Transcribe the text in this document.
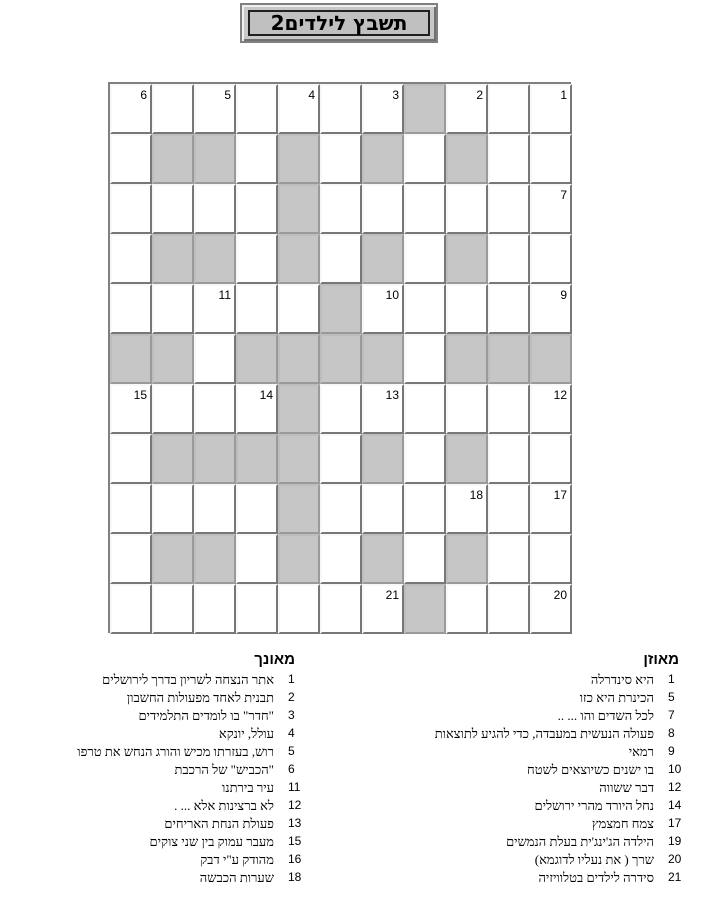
תשבץ לילדים2
1
2
3
4
5
6
7
9
10
11
12
13
14
15
17
18
20
21
מאוזן
מאונך
1
היא סינדרלה
5
הכינרת היא כזו
7
לכל השדים והו ... ..
8
פעולה הנעשית במעבדה, כדי להגיע לתוצאות
9
רמאי
10
בו ישנים כשיוצאים לשטח
12
דבר ששווה
14
נחל היורד מהרי ירושלים
17
צמח חמצמץ
19
הילדה הג'ינג'ית בעלת הנמשים
20
שרך ( את נעליו לדוגמא)
21
סידרה לילדים בטלוויזיה
1
אתר הנצחה לשריון בדרך לירושלים
2
תבנית לאחד מפעולות החשבון
3
"חדר" בו לומדים התלמידים
4
עולל, יונקא
5
רוש, בעזרתו מכיש והורג הנחש את טרפו
6
"הכביש" של הרכבת
11
עיר בירתנו
12
לא ברצינות אלא ... .
13
פעולת הנחת האריחים
15
מעבר עמוק בין שני צוקים
16
מהודק ע"י דבק
18
שערות הכבשה
